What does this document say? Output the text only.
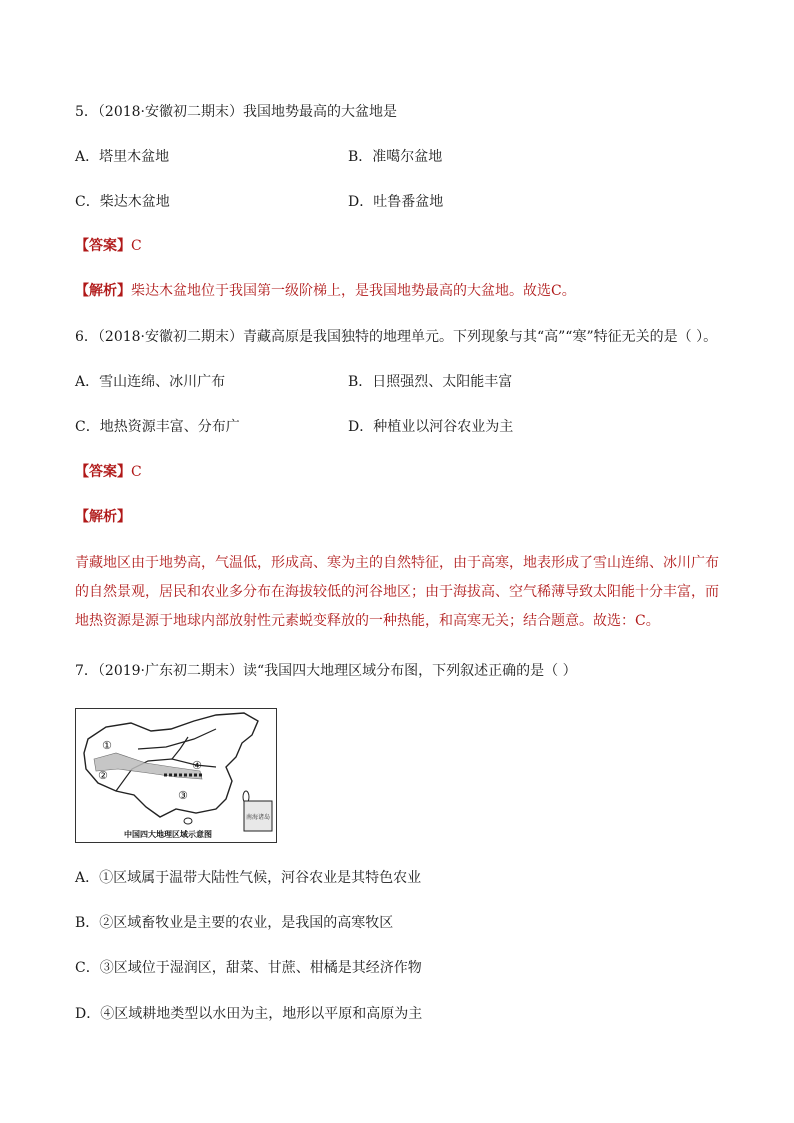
5．（2018·安徽初二期末）我国地势最高的大盆地是
A．塔里木盆地	B．准噶尔盆地
C．柴达木盆地	D．吐鲁番盆地
【答案】C
【解析】柴达木盆地位于我国第一级阶梯上，是我国地势最高的大盆地。故选C。
6．（2018·安徽初二期末）青藏高原是我国独特的地理单元。下列现象与其“高”“寒”特征无关的是（ ）。
A．雪山连绵、冰川广布	B．日照强烈、太阳能丰富
C．地热资源丰富、分布广	D．种植业以河谷农业为主
【答案】C
【解析】
青藏地区由于地势高，气温低，形成高、寒为主的自然特征，由于高寒，地表形成了雪山连绵、冰川广布
的自然景观，居民和农业多分布在海拔较低的河谷地区；由于海拔高、空气稀薄导致太阳能十分丰富，而
地热资源是源于地球内部放射性元素蜕变释放的一种热能，和高寒无关；结合题意。故选：C。
7．（2019·广东初二期末）读“我国四大地理区域分布图，下列叙述正确的是（ ）
南海诸岛
①
②
③
④
中国四大地理区域示意图
A．①区域属于温带大陆性气候，河谷农业是其特色农业
B．②区域畜牧业是主要的农业，是我国的高寒牧区
C．③区域位于湿润区，甜菜、甘蔗、柑橘是其经济作物
D．④区域耕地类型以水田为主，地形以平原和高原为主
